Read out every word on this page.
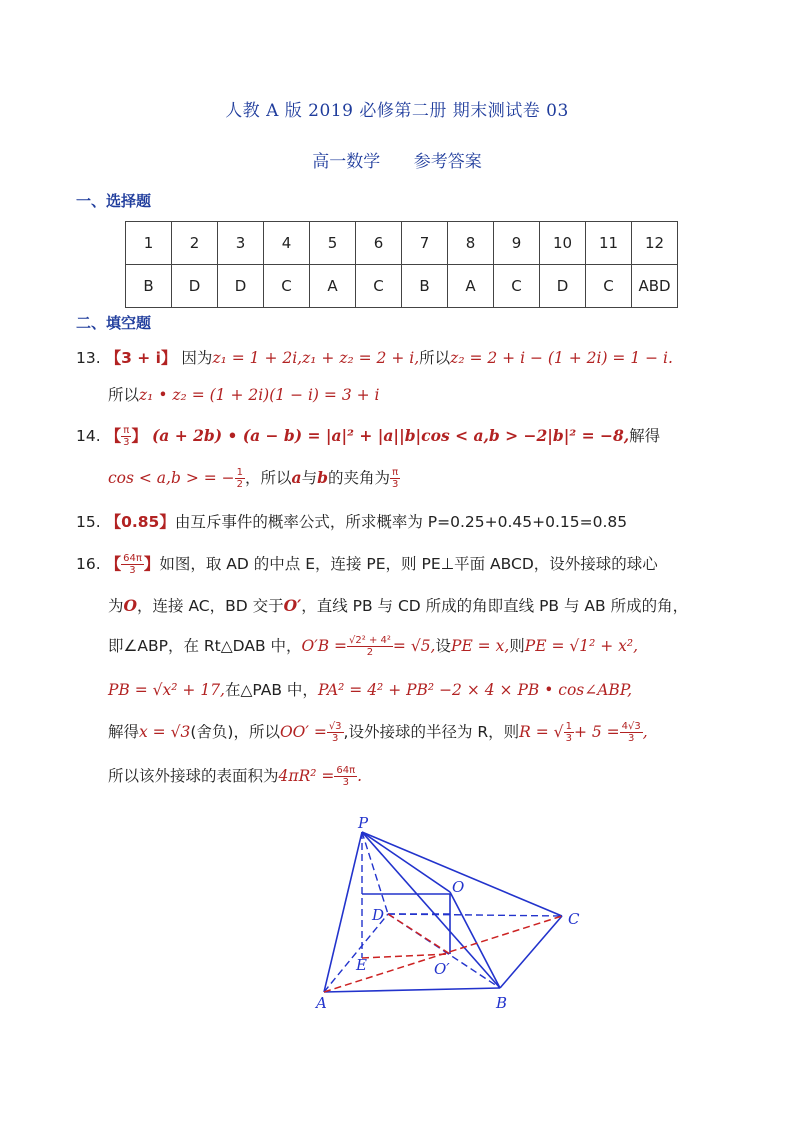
人教 A 版 2019 必修第二册 期末测试卷 03
高一数学 参考答案
一、选择题
1	2	3	4	5	6	7	8	9	10	11	12
B	D	D	C	A	C	B	A	C	D	C	ABD
二、填空题
13. 【3 + i】 因为z₁ = 1 + 2i,z₁ + z₂ = 2 + i,所以z₂ = 2 + i − (1 + 2i) = 1 − i.
所以z₁ • z₂ = (1 + 2i)(1 − i) = 3 + i
14. 【 $\frac{\pi}{3}$ 】 (a + 2b) • (a − b) = |a|² + |a||b|cos < a,b > −2|b|² = −8,解得
cos < a,b > = − $\frac{1}{2}$ ，所以a与b的夹角为 $\frac{\pi}{3}$
15. 【0.85】由互斥事件的概率公式，所求概率为 P=0.25+0.45+0.15=0.85
16. 【 $\frac{64\pi}{3}$ 】如图，取 AD 的中点 E，连接 PE，则 PE⊥平面 ABCD，设外接球的球心
为O，连接 AC，BD 交于O′，直线 PB 与 CD 所成的角即直线 PB 与 AB 所成的角，
即∠ABP，在 Rt△DAB 中，$O'B = \frac{\text{√2² + 4²}}{2} = √5$,设PE = x,则PE = √1² + x²,
PB = √x² + 17,在△PAB 中，PA² = 4² + PB² −2 × 4 × PB • cos∠ABP,
解得x = √3(舍负)，所以$OO' = \frac{√3}{3}$ ,设外接球的半径为 R，则R = √ $\frac{1}{3} + 5 = \frac{4√3}{3}$ ,
所以该外接球的表面积为$4\pi R^2 = \frac{64\pi}{3}$ .
P
O
D	C
E	O′
A	B
